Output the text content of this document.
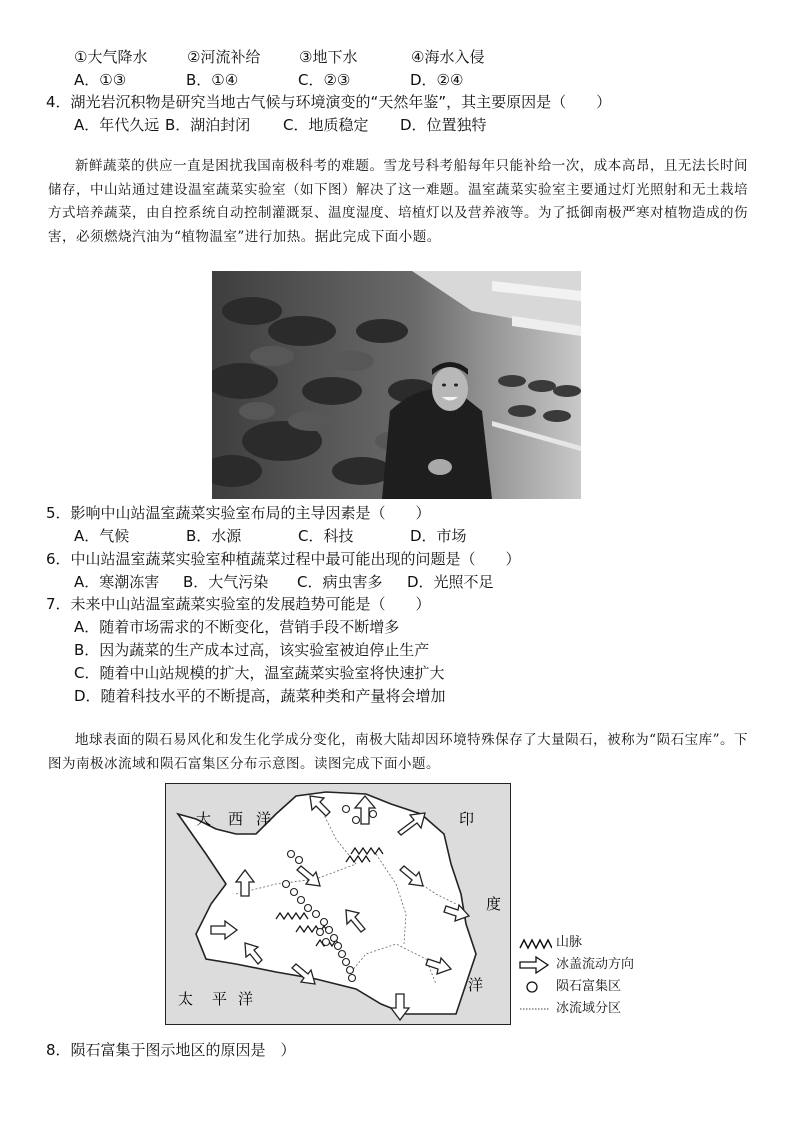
①大气降水	②河流补给	③地下水	④海水入侵
A．①③	B．①④	C．②③	D．②④
4．湖光岩沉积物是研究当地古气候与环境演变的“天然年鉴”，其主要原因是（　　）
A．年代久远 B．湖泊封闭 C．地质稳定 D．位置独特
新鲜蔬菜的供应一直是困扰我国南极科考的难题。雪龙号科考船每年只能补给一次，成本高昂，且无法长时间储存，中山站通过建设温室蔬菜实验室（如下图）解决了这一难题。温室蔬菜实验室主要通过灯光照射和无土栽培方式培养蔬菜，由自控系统自动控制灌溉泵、温度湿度、培植灯以及营养液等。为了抵御南极严寒对植物造成的伤害，必须燃烧汽油为“植物温室”进行加热。据此完成下面小题。
5．影响中山站温室蔬菜实验室布局的主导因素是（　　）
A．气候	B．水源	C．科技	D．市场
6．中山站温室蔬菜实验室种植蔬菜过程中最可能出现的问题是（　　）
A．寒潮冻害 B．大气污染 C．病虫害多 D．光照不足
7．未来中山站温室蔬菜实验室的发展趋势可能是（　　）
A．随着市场需求的不断变化，营销手段不断增多
B．因为蔬菜的生产成本过高，该实验室被迫停止生产
C．随着中山站规模的扩大，温室蔬菜实验室将快速扩大
D．随着科技水平的不断提高，蔬菜种类和产量将会增加
地球表面的陨石易风化和发生化学成分变化，南极大陆却因环境特殊保存了大量陨石，被称为“陨石宝库”。下图为南极冰流域和陨石富集区分布示意图。读图完成下面小题。
大 西 洋	印
度
洋
太 平 洋
山脉
冰盖流动方向
陨石富集区
冰流域分区
8．陨石富集于图示地区的原因是　）
